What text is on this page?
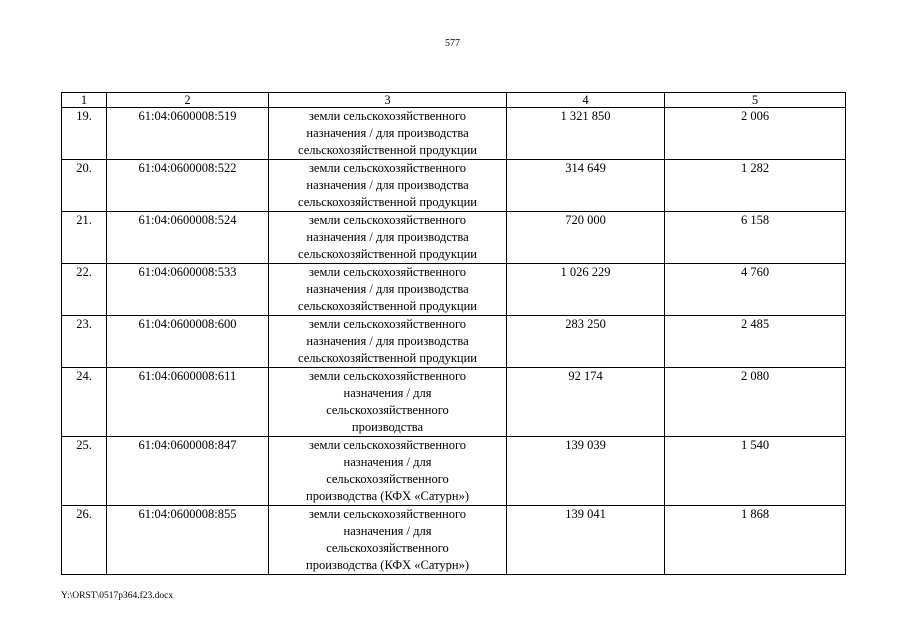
577
1	2	3	4	5
19.	61:04:0600008:519	земли сельскохозяйственного
назначения / для производства
сельскохозяйственной продукции	1 321 850	2 006
20.	61:04:0600008:522	земли сельскохозяйственного
назначения / для производства
сельскохозяйственной продукции	314 649	1 282
21.	61:04:0600008:524	земли сельскохозяйственного
назначения / для производства
сельскохозяйственной продукции	720 000	6 158
22.	61:04:0600008:533	земли сельскохозяйственного
назначения / для производства
сельскохозяйственной продукции	1 026 229	4 760
23.	61:04:0600008:600	земли сельскохозяйственного
назначения / для производства
сельскохозяйственной продукции	283 250	2 485
24.	61:04:0600008:611	земли сельскохозяйственного
назначения / для
сельскохозяйственного
производства	92 174	2 080
25.	61:04:0600008:847	земли сельскохозяйственного
назначения / для
сельскохозяйственного
производства (КФХ «Сатурн»)	139 039	1 540
26.	61:04:0600008:855	земли сельскохозяйственного
назначения / для
сельскохозяйственного
производства (КФХ «Сатурн»)	139 041	1 868
Y:\ORST\0517p364.f23.docx
